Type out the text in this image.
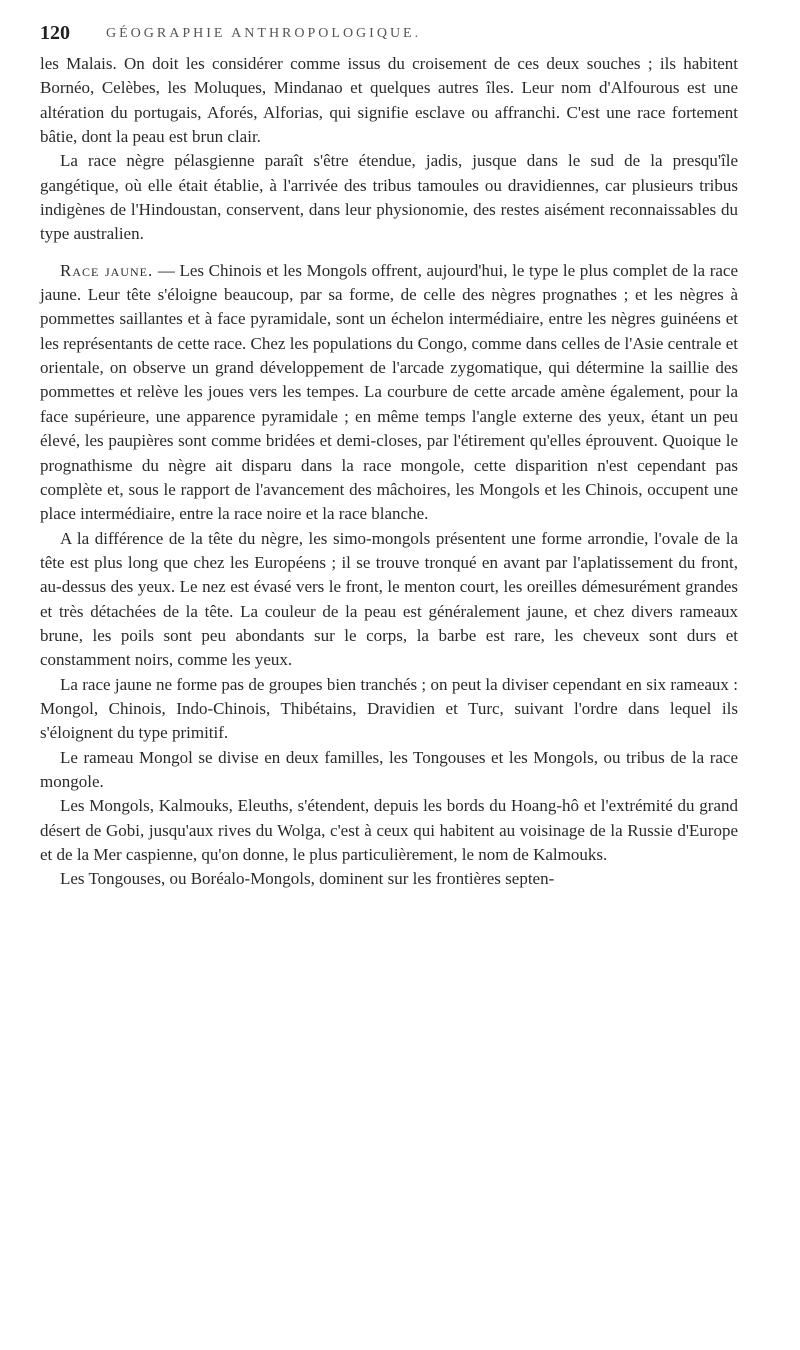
120	GÉOGRAPHIE ANTHROPOLOGIQUE.

les Malais. On doit les considérer comme issus du croisement de ces deux souches ; ils habitent Bornéo, Celèbes, les Moluques, Mindanao et quelques autres îles. Leur nom d'Alfourous est une altération du portugais, Aforés, Alforias, qui signifie esclave ou affranchi. C'est une race fortement bâtie, dont la peau est brun clair.

La race nègre pélasgienne paraît s'être étendue, jadis, jusque dans le sud de la presqu'île gangétique, où elle était établie, à l'arrivée des tribus tamoules ou dravidiennes, car plusieurs tribus indigènes de l'Hindoustan, conservent, dans leur physionomie, des restes aisément reconnaissables du type australien.

Race jaune. — Les Chinois et les Mongols offrent, aujourd'hui, le type le plus complet de la race jaune. Leur tête s'éloigne beaucoup, par sa forme, de celle des nègres prognathes ; et les nègres à pommettes saillantes et à face pyramidale, sont un échelon intermédiaire, entre les nègres guinéens et les représentants de cette race. Chez les populations du Congo, comme dans celles de l'Asie centrale et orientale, on observe un grand développement de l'arcade zygomatique, qui détermine la saillie des pommettes et relève les joues vers les tempes. La courbure de cette arcade amène également, pour la face supérieure, une apparence pyramidale ; en même temps l'angle externe des yeux, étant un peu élevé, les paupières sont comme bridées et demi-closes, par l'étirement qu'elles éprouvent. Quoique le prognathisme du nègre ait disparu dans la race mongole, cette disparition n'est cependant pas complète et, sous le rapport de l'avancement des mâchoires, les Mongols et les Chinois, occupent une place intermédiaire, entre la race noire et la race blanche.

A la différence de la tête du nègre, les simo-mongols présentent une forme arrondie, l'ovale de la tête est plus long que chez les Européens ; il se trouve tronqué en avant par l'aplatissement du front, au-dessus des yeux. Le nez est évasé vers le front, le menton court, les oreilles démesurément grandes et très détachées de la tête. La couleur de la peau est généralement jaune, et chez divers rameaux brune, les poils sont peu abondants sur le corps, la barbe est rare, les cheveux sont durs et constamment noirs, comme les yeux.

La race jaune ne forme pas de groupes bien tranchés ; on peut la diviser cependant en six rameaux : Mongol, Chinois, Indo-Chinois, Thibétains, Dravidien et Turc, suivant l'ordre dans lequel ils s'éloignent du type primitif.

Le rameau Mongol se divise en deux familles, les Tongouses et les Mongols, ou tribus de la race mongole.

Les Mongols, Kalmouks, Eleuths, s'étendent, depuis les bords du Hoang-hô et l'extrémité du grand désert de Gobi, jusqu'aux rives du Wolga, c'est à ceux qui habitent au voisinage de la Russie d'Europe et de la Mer caspienne, qu'on donne, le plus particulièrement, le nom de Kalmouks.

Les Tongouses, ou Boréalo-Mongols, dominent sur les frontières septen-
